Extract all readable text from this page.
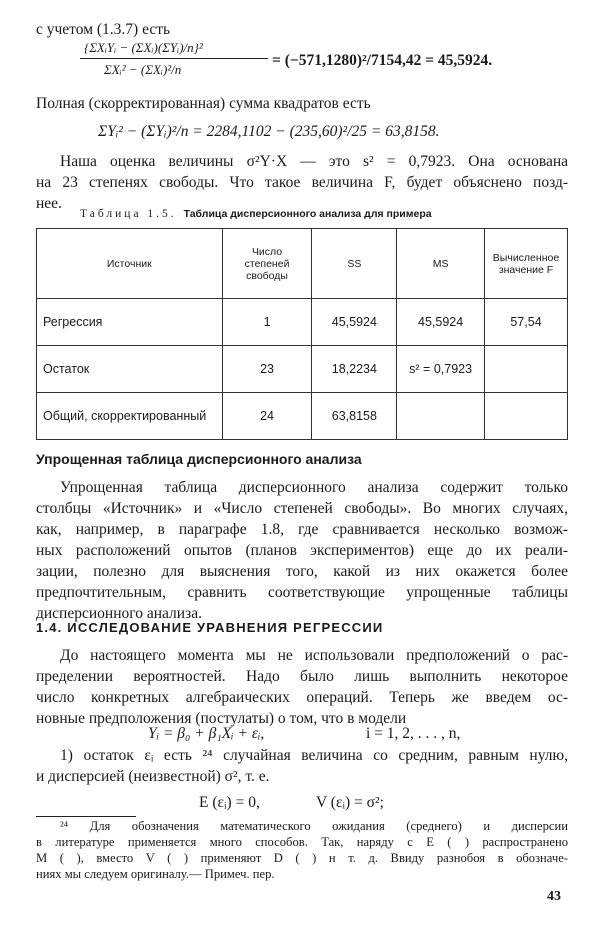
с учетом (1.3.7) есть
{ΣXᵢYᵢ − (ΣXᵢ)(ΣYᵢ)/n}²
ΣXᵢ² − (ΣXᵢ)²/n
= (−571,1280)²/7154,42 = 45,5924.
Полная (скорректированная) сумма квадратов есть
ΣYᵢ² − (ΣYᵢ)²/n = 2284,1102 − (235,60)²/25 = 63,8158.
Наша оценка величины σ²Y·X — это s² = 0,7923. Она основана
на 23 степенях свободы. Что такое величина F, будет объяснено позд-
нее.
Таблица 1.5. Таблица дисперсионного анализа для примера
Источник	Число степеней свободы	SS	MS	Вычисленное значение F
Регрессия	1	45,5924	45,5924	57,54
Остаток	23	18,2234	s² = 0,7923	
Общий, скорректированный	24	63,8158		
Упрощенная таблица дисперсионного анализа
Упрощенная таблица дисперсионного анализа содержит только
столбцы «Источник» и «Число степеней свободы». Во многих случаях,
как, например, в параграфе 1.8, где сравнивается несколько возмож-
ных расположений опытов (планов экспериментов) еще до их реали-
зации, полезно для выяснения того, какой из них окажется более
предпочтительным, сравнить соответствующие упрощенные таблицы
дисперсионного анализа.
1.4. ИССЛЕДОВАНИЕ УРАВНЕНИЯ РЕГРЕССИИ
До настоящего момента мы не использовали предположений о рас-
пределении вероятностей. Надо было лишь выполнить некоторое
число конкретных алгебраических операций. Теперь же введем ос-
новные предположения (постулаты) о том, что в модели
Yᵢ = β₀ + β₁Xᵢ + εᵢ,	i = 1, 2, . . . , n,
1) остаток εᵢ есть ²⁴ случайная величина со средним, равным нулю,
и дисперсией (неизвестной) σ², т. е.
E (εᵢ) = 0,	V (εᵢ) = σ²;
²⁴ Для обозначения математического ожидания (среднего) и дисперсии
в литературе применяется много способов. Так, наряду с E ( ) распространено
M ( ), вместо V ( ) применяют D ( ) н т. д. Ввиду разнобоя в обозначе-
ниях мы следуем оригиналу.— Примеч. пер.
43
